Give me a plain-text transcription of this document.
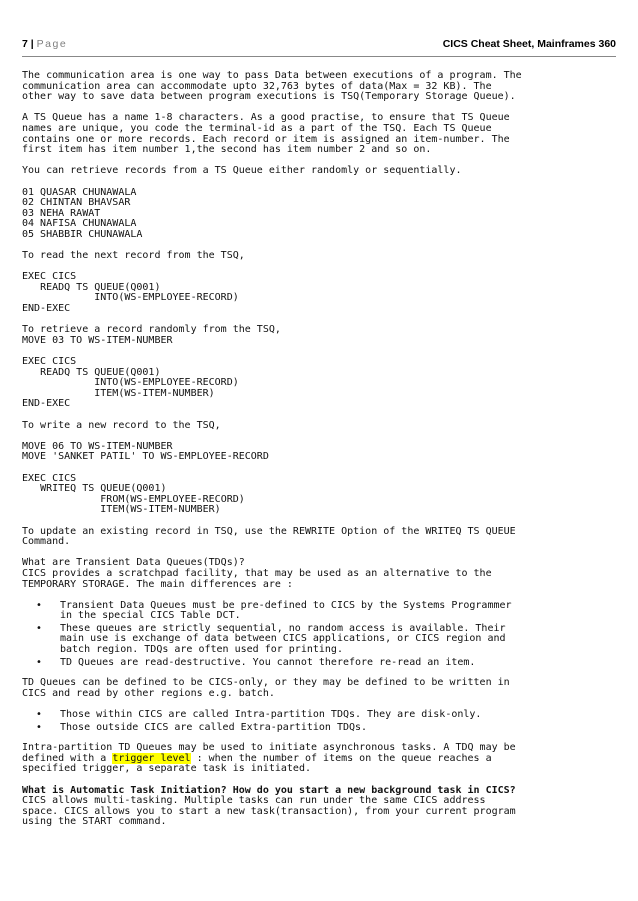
7 | Page	CICS Cheat Sheet, Mainframes 360

The communication area is one way to pass Data between executions of a program. The
communication area can accommodate upto 32,763 bytes of data(Max = 32 KB). The
other way to save data between program executions is TSQ(Temporary Storage Queue).

A TS Queue has a name 1-8 characters. As a good practise, to ensure that TS Queue
names are unique, you code the terminal-id as a part of the TSQ. Each TS Queue
contains one or more records. Each record or item is assigned an item-number. The
first item has item number 1,the second has item number 2 and so on.

You can retrieve records from a TS Queue either randomly or sequentially.

01 QUASAR CHUNAWALA
02 CHINTAN BHAVSAR
03 NEHA RAWAT
04 NAFISA CHUNAWALA
05 SHABBIR CHUNAWALA

To read the next record from the TSQ,

EXEC CICS
READQ TS QUEUE(Q001)
INTO(WS-EMPLOYEE-RECORD)
END-EXEC

To retrieve a record randomly from the TSQ,
MOVE 03 TO WS-ITEM-NUMBER

EXEC CICS
READQ TS QUEUE(Q001)
INTO(WS-EMPLOYEE-RECORD)
ITEM(WS-ITEM-NUMBER)
END-EXEC

To write a new record to the TSQ,

MOVE 06 TO WS-ITEM-NUMBER
MOVE 'SANKET PATIL' TO WS-EMPLOYEE-RECORD

EXEC CICS
WRITEQ TS QUEUE(Q001)
FROM(WS-EMPLOYEE-RECORD)
ITEM(WS-ITEM-NUMBER)

To update an existing record in TSQ, use the REWRITE Option of the WRITEQ TS QUEUE
Command.

What are Transient Data Queues(TDQs)?
CICS provides a scratchpad facility, that may be used as an alternative to the
TEMPORARY STORAGE. The main differences are :

• Transient Data Queues must be pre-defined to CICS by the Systems Programmer
in the special CICS Table DCT.
• These queues are strictly sequential, no random access is available. Their
main use is exchange of data between CICS applications, or CICS region and
batch region. TDQs are often used for printing.
• TD Queues are read-destructive. You cannot therefore re-read an item.

TD Queues can be defined to be CICS-only, or they may be defined to be written in
CICS and read by other regions e.g. batch.

• Those within CICS are called Intra-partition TDQs. They are disk-only.
• Those outside CICS are called Extra-partition TDQs.

Intra-partition TD Queues may be used to initiate asynchronous tasks. A TDQ may be
defined with a trigger level : when the number of items on the queue reaches a
specified trigger, a separate task is initiated.

What is Automatic Task Initiation? How do you start a new background task in CICS?

CICS allows multi-tasking. Multiple tasks can run under the same CICS address
space. CICS allows you to start a new task(transaction), from your current program
using the START command.
